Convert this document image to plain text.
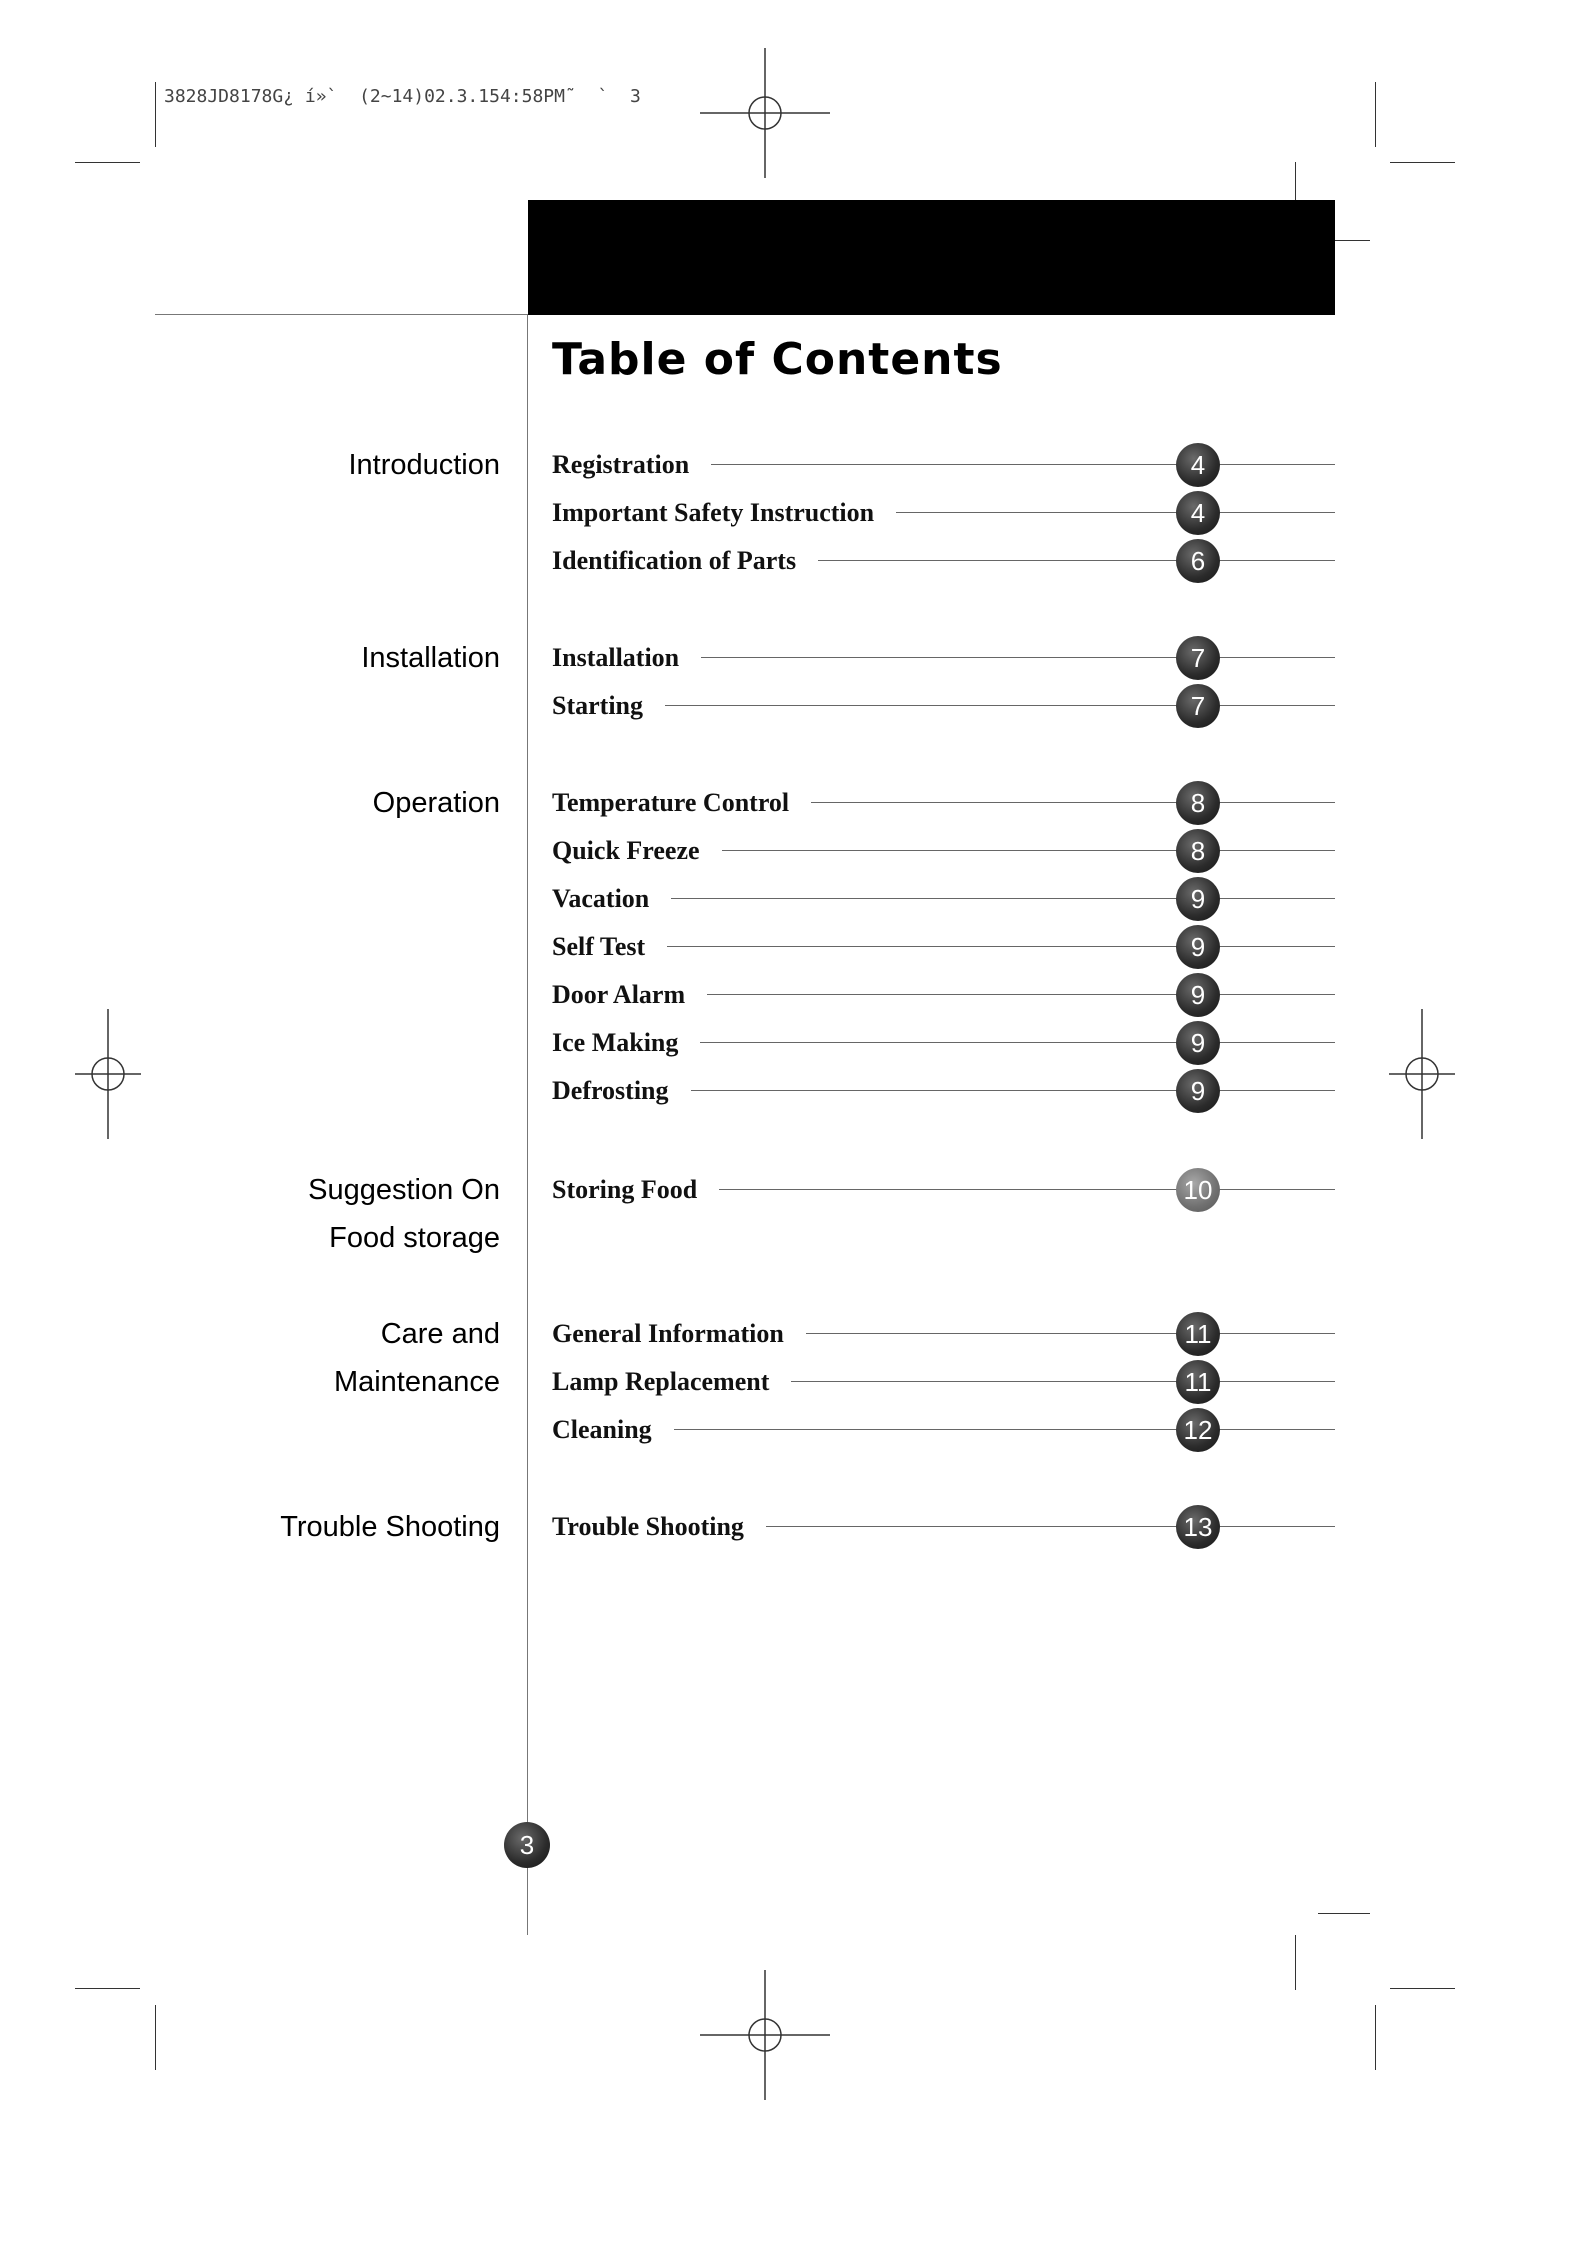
3828JD8178G¿ í»`  (2~14)02.3.154:58PM˜  `  3
Table of Contents
Introduction
Installation
Operation
Suggestion On
Food storage
Care and
Maintenance
Trouble Shooting
Registration	4
Important Safety Instruction	4
Identification of Parts	6
Installation	7
Starting	7
Temperature Control	8
Quick Freeze	8
Vacation	9
Self Test	9
Door Alarm	9
Ice Making	9
Defrosting	9
Storing Food	10
General Information	11
Lamp Replacement	11
Cleaning	12
Trouble Shooting	13
3
